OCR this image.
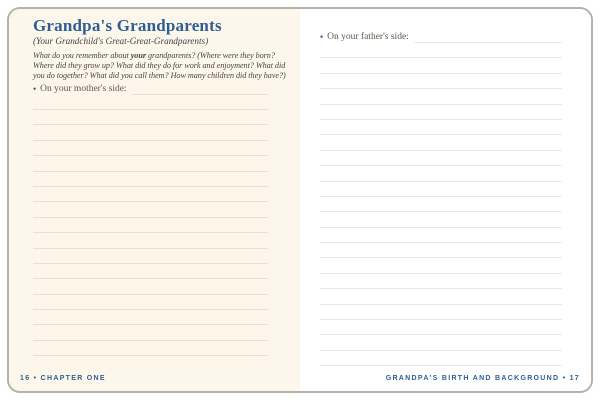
Grandpa's Grandparents
(Your Grandchild's Great-Great-Grandparents)
What do you remember about your grandparents? (Where were they born?
Where did they grow up? What did they do for work and enjoyment? What did
you do together? What did you call them? How many children did they have?)
• On your mother's side:
16 • CHAPTER ONE
• On your father's side:
GRANDPA'S BIRTH AND BACKGROUND • 17
